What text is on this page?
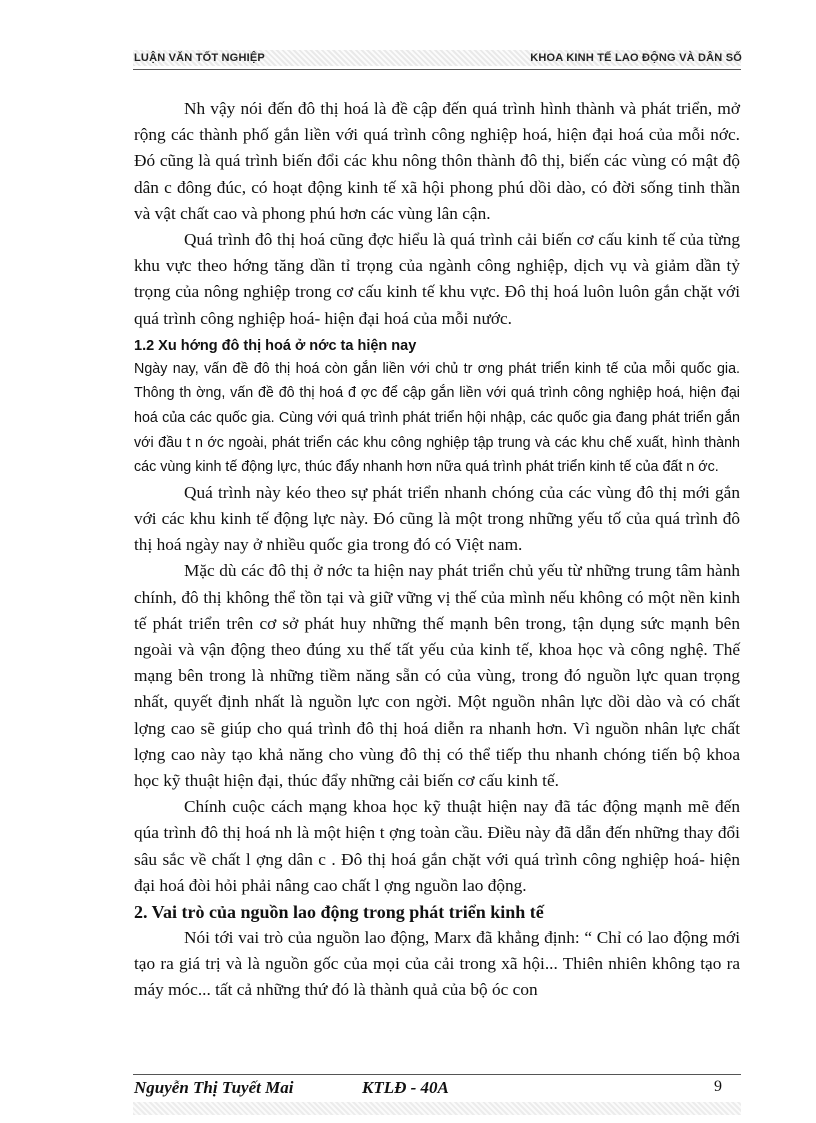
LUẬN VĂN TỐT NGHIỆP	KHOA KINH TẾ LAO ĐỘNG VÀ DÂN SỐ

Nh vậy nói đến đô thị hoá là đề cập đến quá trình hình thành và phát triển, mở rộng các thành phố gắn liền với quá trình công nghiệp hoá, hiện đại hoá của mỗi nớc. Đó cũng là quá trình biến đổi các khu nông thôn thành đô thị, biến các vùng có mật độ dân c đông đúc, có hoạt động kinh tế xã hội phong phú dồi dào, có đời sống tinh thần và vật chất cao và phong phú hơn các vùng lân cận.

Quá trình đô thị hoá cũng đợc hiểu là quá trình cải biến cơ cấu kinh tế của từng khu vực theo hớng tăng dần tỉ trọng của ngành công nghiệp, dịch vụ và giảm dần tỷ trọng của nông nghiệp trong cơ cấu kinh tế khu vực. Đô thị hoá luôn luôn gắn chặt với quá trình công nghiệp hoá- hiện đại hoá của mỗi nước.

1.2 Xu hớng đô thị hoá ở nớc ta hiện nay

Ngày nay, vấn đề đô thị hoá còn gắn liền với chủ tr ơng phát triển kinh tế của mỗi quốc gia. Thông th ờng, vấn đề đô thị hoá đ ợc để cập gắn liền với quá trình công nghiệp hoá, hiện đại hoá của các quốc gia. Cùng với quá trình phát triển hội nhập, các quốc gia đang phát triển gắn với đầu t n ớc ngoài, phát triển các khu công nghiệp tập trung và các khu chế xuất, hình thành các vùng kinh tế động lực, thúc đẩy nhanh hơn nữa quá trình phát triển kinh tế của đất n ớc.

Quá trình này kéo theo sự phát triển nhanh chóng của các vùng đô thị mới gắn với các khu kinh tế động lực này. Đó cũng là một trong những yếu tố của quá trình đô thị hoá ngày nay ở nhiều quốc gia trong đó có Việt nam.

Mặc dù các đô thị ở nớc ta hiện nay phát triển chủ yếu từ những trung tâm hành chính, đô thị không thể tồn tại và giữ vững vị thế của mình nếu không có một nền kinh tế phát triển trên cơ sở phát huy những thế mạnh bên trong, tận dụng sức mạnh bên ngoài và vận động theo đúng xu thế tất yếu của kinh tế, khoa học và công nghệ. Thế mạng bên trong là những tiềm năng sẵn có của vùng, trong đó nguồn lực quan trọng nhất, quyết định nhất là nguồn lực con ngời. Một nguồn nhân lực dồi dào và có chất lợng cao sẽ giúp cho quá trình đô thị hoá diễn ra nhanh hơn. Vì nguồn nhân lực chất lợng cao này tạo khả năng cho vùng đô thị có thể tiếp thu nhanh chóng tiến bộ khoa học kỹ thuật hiện đại, thúc đẩy những cải biến cơ cấu kinh tế.

Chính cuộc cách mạng khoa học kỹ thuật hiện nay đã tác động mạnh mẽ đến qúa trình đô thị hoá nh là một hiện t ợng toàn cầu. Điều này đã dẫn đến những thay đổi sâu sắc về chất l ợng dân c . Đô thị hoá gắn chặt với quá trình công nghiệp hoá- hiện đại hoá đòi hỏi phải nâng cao chất l ợng nguồn lao động.

2. Vai trò của nguồn lao động trong phát triển kinh tế

Nói tới vai trò của nguồn lao động, Marx đã khẳng định: “ Chỉ có lao động mới tạo ra giá trị và là nguồn gốc của mọi của cải trong xã hội... Thiên nhiên không tạo ra máy móc... tất cả những thứ đó là thành quả của bộ óc con

Nguyễn Thị Tuyết Mai	KTLĐ - 40A	9
